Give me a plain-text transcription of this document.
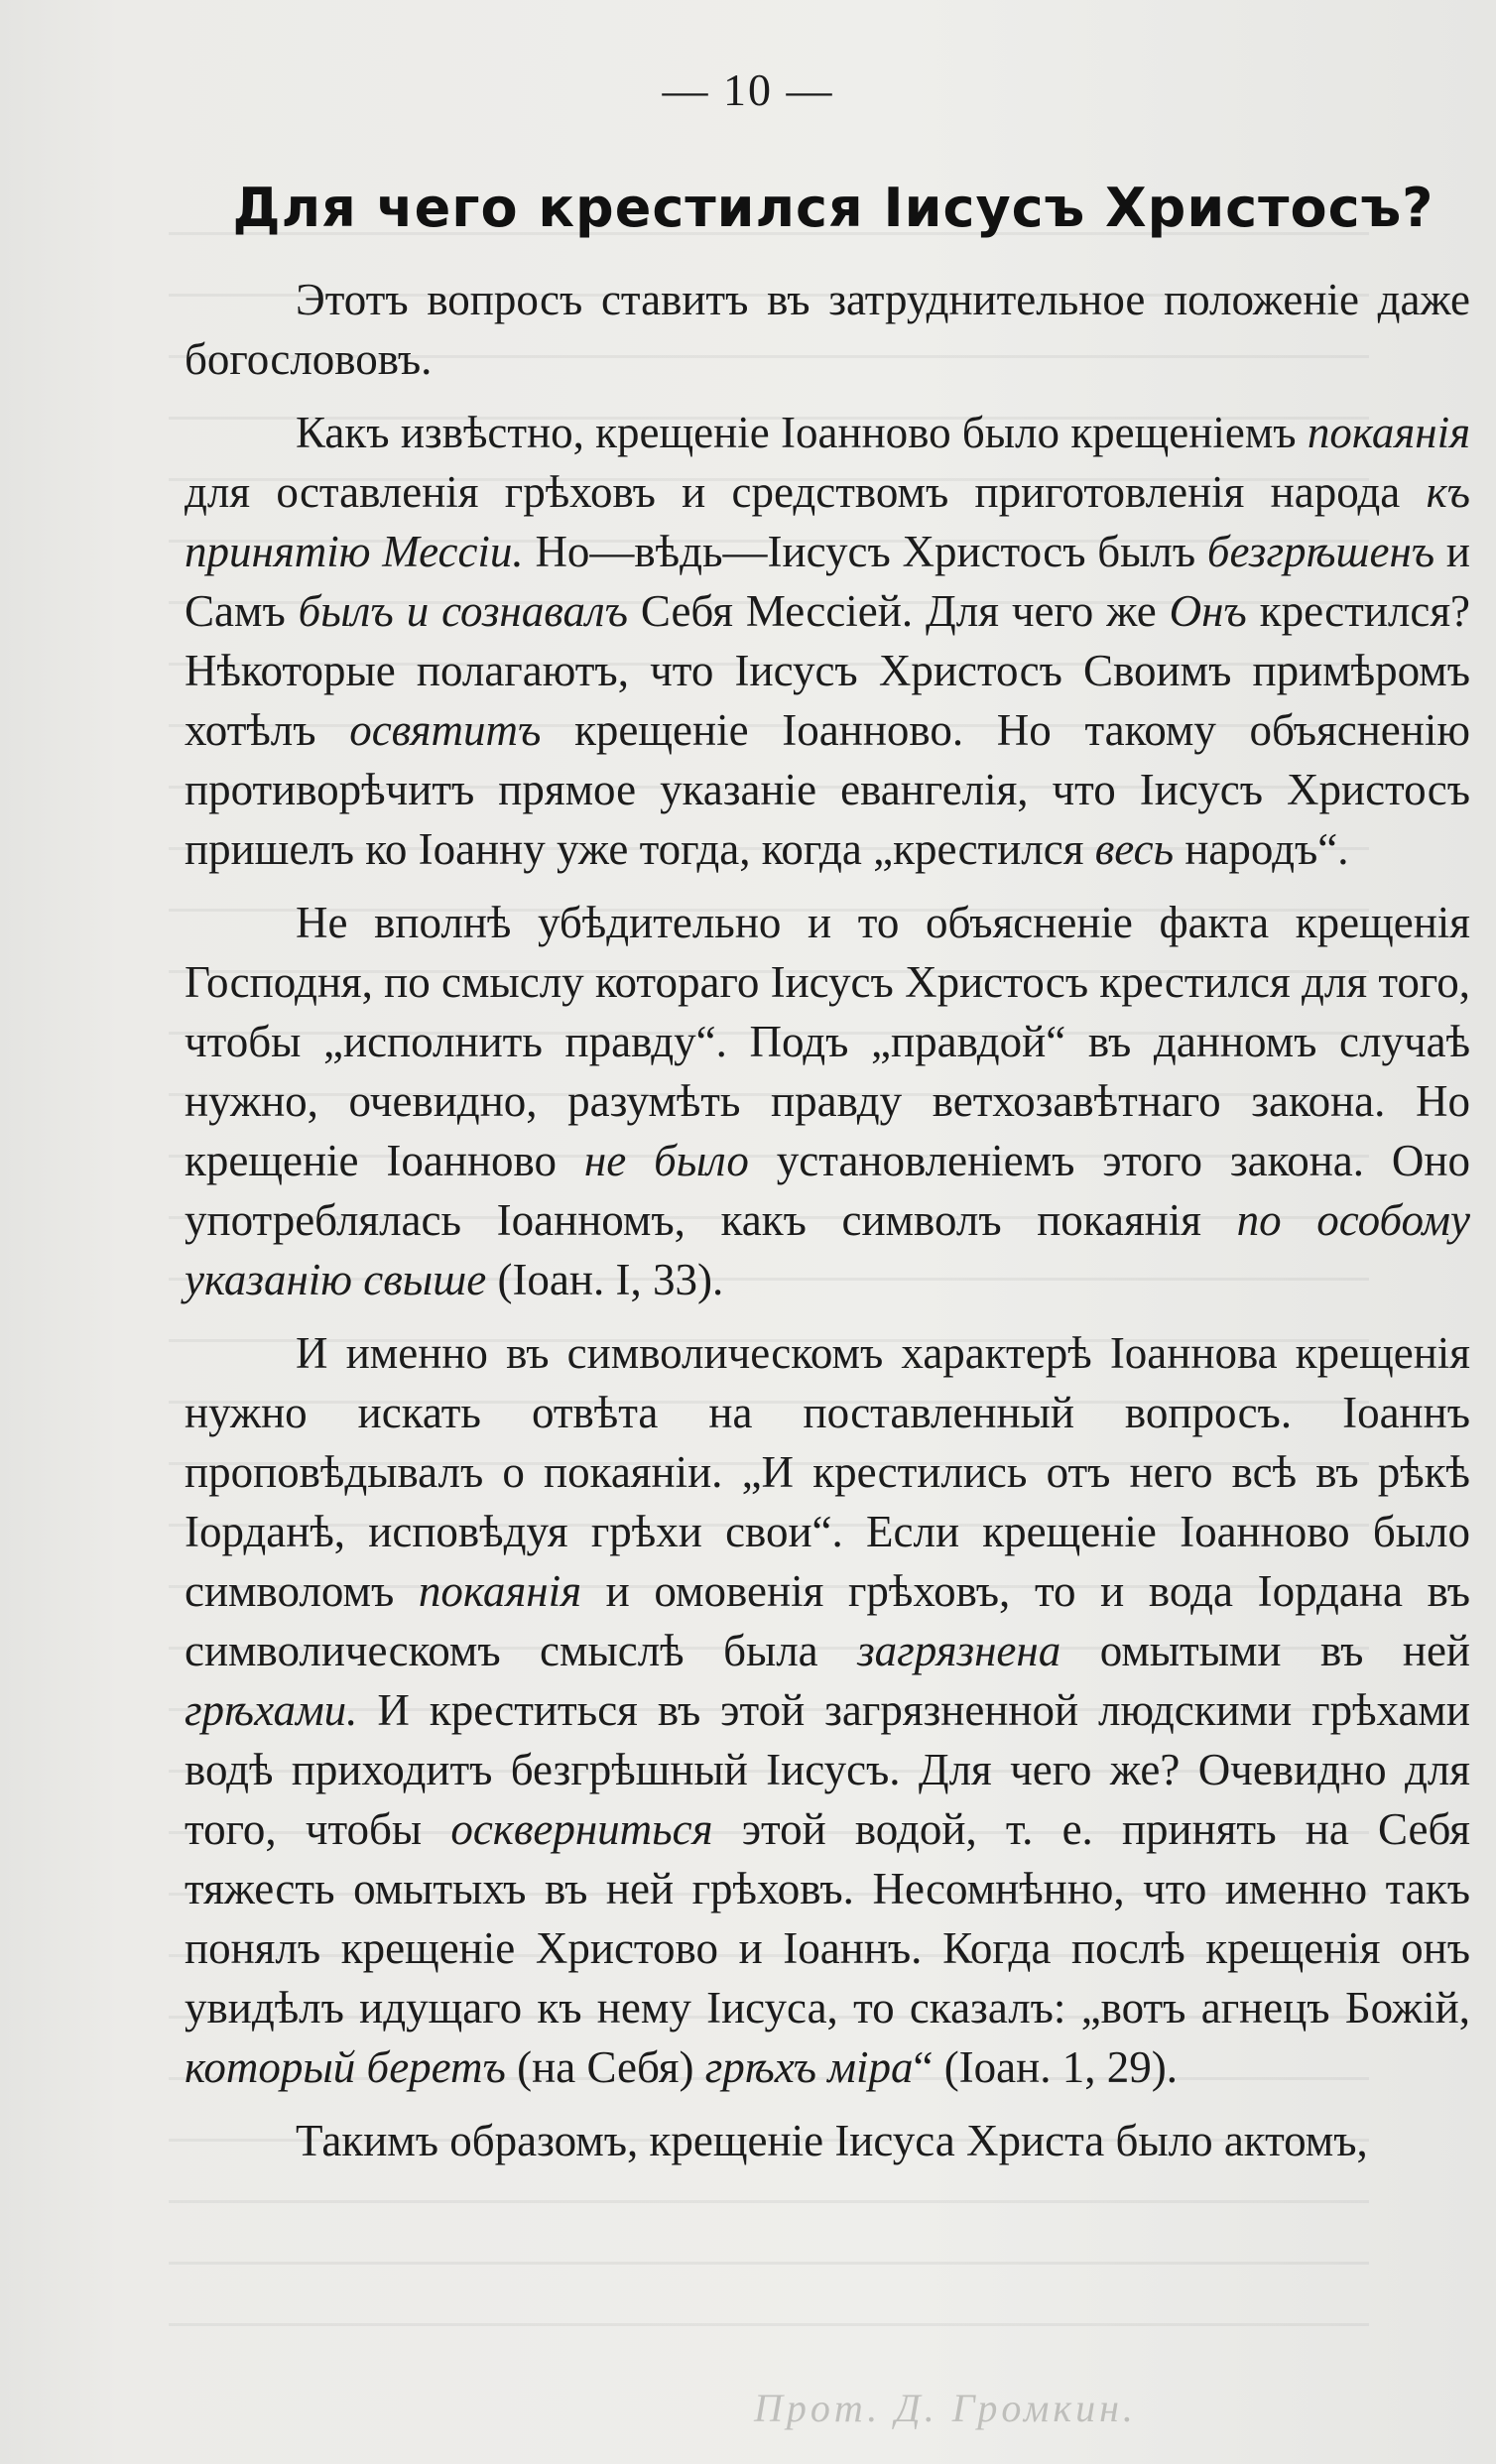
— 10 —
Для чего крестился Іисусъ Христосъ?

Этотъ вопросъ ставитъ въ затруднительное положеніе даже богослововъ.

Какъ извѣстно, крещеніе Іоанново было крещеніемъ покаянія для оставленія грѣховъ и средствомъ приготовленія народа къ принятію Мессіи. Но—вѣдь—Іисусъ Христосъ былъ безгрѣшенъ и Самъ былъ и сознавалъ Себя Мессіей. Для чего же Онъ крестился? Нѣкоторые полагаютъ, что Іисусъ Христосъ Своимъ примѣромъ хотѣлъ освятитъ крещеніе Іоанново. Но такому объясненію противорѣчитъ прямое указаніе евангелія, что Іисусъ Христосъ пришелъ ко Іоанну уже тогда, когда „крестился весь народъ“.

Не вполнѣ убѣдительно и то объясненіе факта крещенія Господня, по смыслу котораго Іисусъ Христосъ крестился для того, чтобы „исполнить правду“. Подъ „правдой“ въ данномъ случаѣ нужно, очевидно, разумѣть правду ветхозавѣтнаго закона. Но крещеніе Іоанново не было установленіемъ этого закона. Оно употреблялась Іоанномъ, какъ символъ покаянія по особому указанію свыше (Іоан. I, 33).

И именно въ символическомъ характерѣ Іоаннова крещенія нужно искать отвѣта на поставленный вопросъ. Іоаннъ проповѣдывалъ о покаяніи. „И крестились отъ него всѣ въ рѣкѣ Іорданѣ, исповѣдуя грѣхи свои“. Если крещеніе Іоанново было символомъ покаянія и омовенія грѣховъ, то и вода Іордана въ символическомъ смыслѣ была загрязнена омытыми въ ней грѣхами. И креститься въ этой загрязненной людскими грѣхами водѣ приходитъ безгрѣшный Іисусъ. Для чего же? Очевидно для того, чтобы оскверниться этой водой, т. е. принять на Себя тяжесть омытыхъ въ ней грѣховъ. Несомнѣнно, что именно такъ понялъ крещеніе Христово и Іоаннъ. Когда послѣ крещенія онъ увидѣлъ идущаго къ нему Іисуса, то сказалъ: „вотъ агнецъ Божій, который беретъ (на Себя) грѣхъ міра“ (Іоан. 1, 29).

Такимъ образомъ, крещеніе Іисуса Христа было актомъ,

Прот. Д. Громкин.
